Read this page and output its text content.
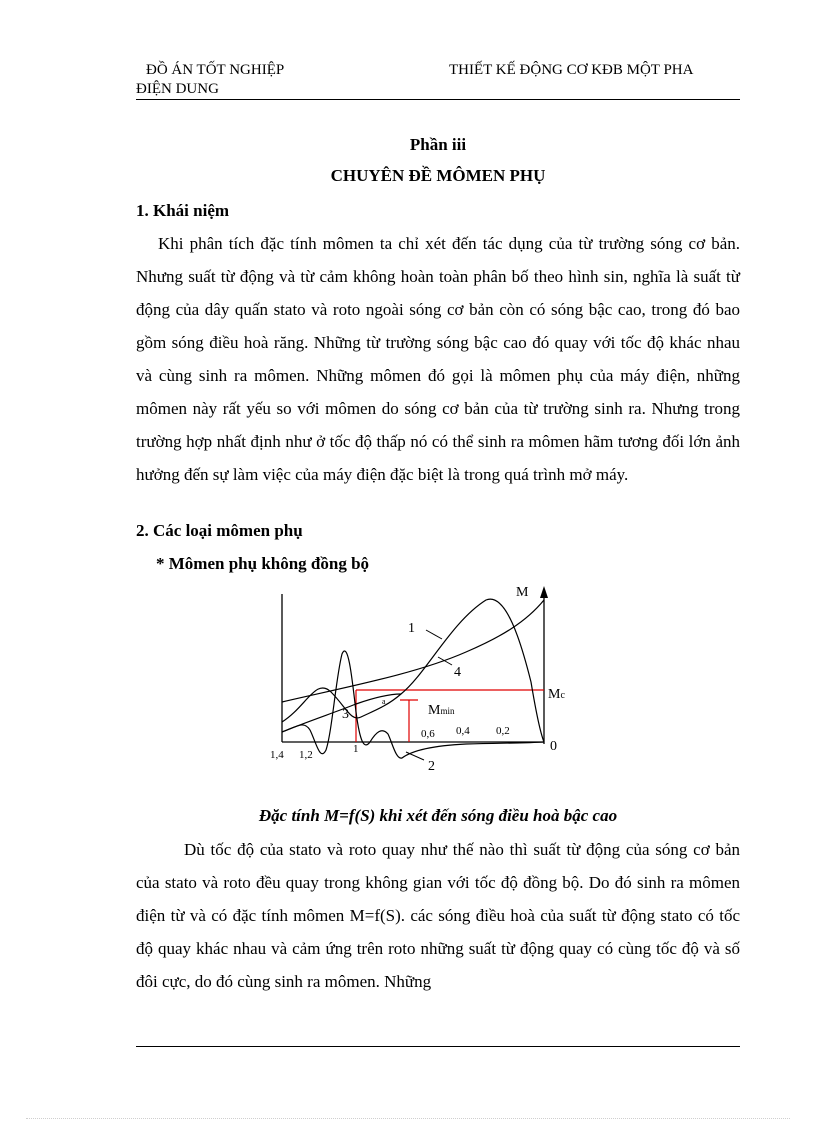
ĐỒ ÁN TỐT NGHIỆP
ĐIỆN DUNG
THIẾT KẾ ĐỘNG CƠ KĐB MỘT PHA
Phần iii
CHUYÊN ĐỀ MÔMEN PHỤ
1. Khái niệm

Khi phân tích đặc tính mômen ta chỉ xét đến tác dụng của từ trường sóng cơ bản. Nhưng suất từ động và từ cảm không hoàn toàn phân bố theo hình sin, nghĩa là suất từ động của dây quấn stato và roto ngoài sóng cơ bản còn có sóng bậc cao, trong đó bao gồm sóng điều hoà răng. Những từ trường sóng bậc cao đó quay với tốc độ khác nhau và cùng sinh ra mômen. Những mômen đó gọi là mômen phụ của máy điện, những mômen này rất yếu so với mômen do sóng cơ bản của từ trường sinh ra. Nhưng trong trường hợp nhất định như ở tốc độ thấp nó có thể sinh ra mômen hãm tương đối lớn ảnh hưởng đến sự làm việc của máy điện đặc biệt là trong quá trình mở máy.

2. Các loại mômen phụ
* Mômen phụ không đồng bộ
M
1
4
3
2
a	Mc
Mmin
0
1,4 1,2	1
0,6 0,4 0,2
Đặc tính M=f(S) khi xét đến sóng điều hoà bậc cao

Dù tốc độ của stato và roto quay như thế nào thì suất từ động của sóng cơ bản của stato và roto đều quay trong không gian với tốc độ đồng bộ. Do đó sinh ra mômen điện từ và có đặc tính mômen M=f(S). các sóng điều hoà của suất từ động stato có tốc độ quay khác nhau và cảm ứng trên roto những suất từ động quay có cùng tốc độ và số đôi cực, do đó cùng sinh ra mômen. Những
